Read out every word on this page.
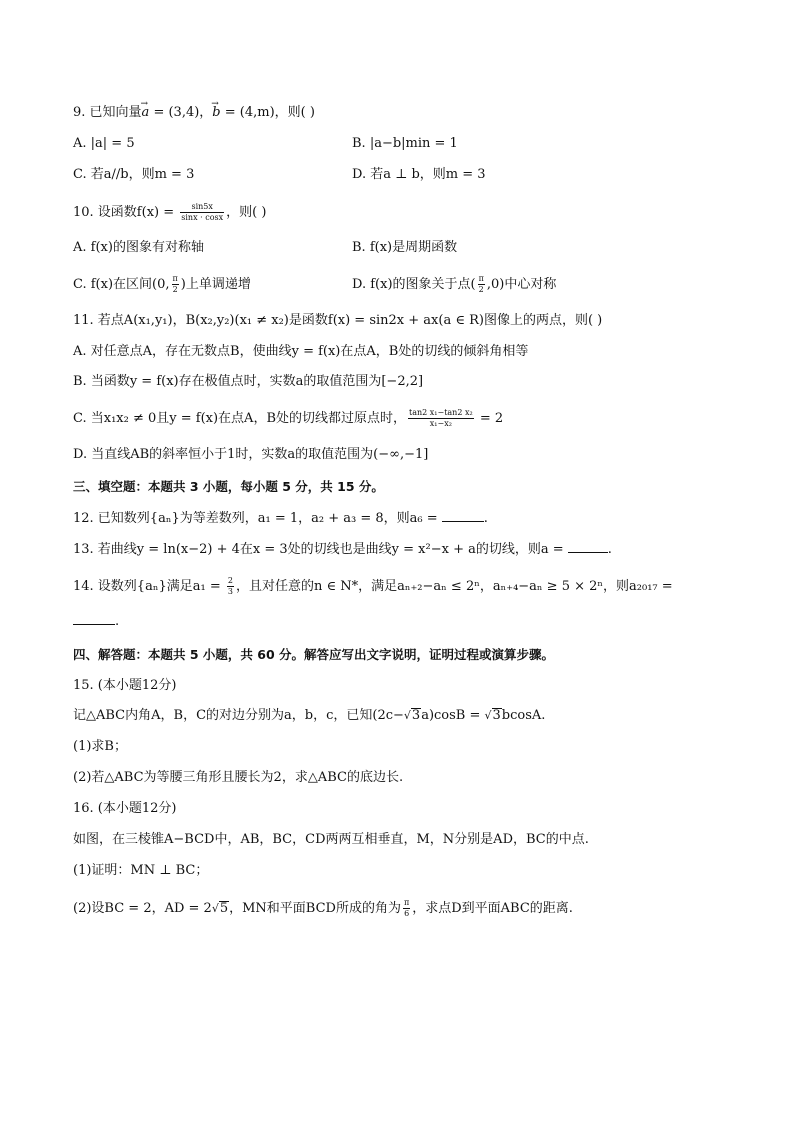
9. 已知向量→ a = (3,4)，→ b = (4,m)，则( )
A. |a| = 5	B. |a−b|min = 1
C. 若a//b，则m = 3	D. 若a ⊥ b，则m = 3
10. 设函数$f(x) = \frac{\sin 5x}{\sin x \cdot \cos x}$ ，则( )
A. f(x)的图象有对称轴	B. f(x)是周期函数
C. f(x)在区间(0, $\frac{\pi}{2}$ )上单调递增	D. f(x)的图象关于点( $\frac{\pi}{2} ,0$)中心对称
11. 若点A(x₁,y₁)，B(x₂,y₂)(x₁ ≠ x₂)是函数f(x) = sin2x + ax(a ∈ R)图像上的两点，则( )
A. 对任意点A，存在无数点B，使曲线y = f(x)在点A，B处的切线的倾斜角相等
B. 当函数y = f(x)存在极值点时，实数a的取值范围为[−2,2]
C. 当x₁x₂ ≠ 0且y = f(x)在点A，B处的切线都过原点时， $\frac{\text{tan2 x₁−tan2 x₂}}{\text{x₁−x₂}} = 2$
D. 当直线AB的斜率恒小于1时，实数a的取值范围为(−∞,−1]
三、填空题：本题共 3 小题，每小题 5 分，共 15 分。
12. 已知数列{aₙ}为等差数列，a₁ = 1，a₂ + a₃ = 8，则a₆ =	.
13. 若曲线y = ln(x−2) + 4在x = 3处的切线也是曲线y = x²−x + a的切线，则a =	.
14. 设数列{aₙ}满足$a_1 = \frac{2}{3}$ ，且对任意的n ∈ N*，满足aₙ₊₂−aₙ ≤ 2ⁿ，aₙ₊₄−aₙ ≥ 5 × 2ⁿ，则a₂₀₁₇ =
.
四、解答题：本题共 5 小题，共 60 分。解答应写出文字说明，证明过程或演算步骤。
15. (本小题12分)
记△ABC内角A，B，C的对边分别为a，b，c，已知(2c−√3a)cosB = √3bcosA.
(1)求B；
(2)若△ABC为等腰三角形且腰长为2，求△ABC的底边长.
16. (本小题12分)
如图，在三棱锥A−BCD中，AB，BC，CD两两互相垂直，M，N分别是AD，BC的中点.
(1)证明：MN ⊥ BC；
(2)设BC = 2，AD = 2√5，MN和平面BCD所成的角为 $\frac{\pi}{6}$ ，求点D到平面ABC的距离.
